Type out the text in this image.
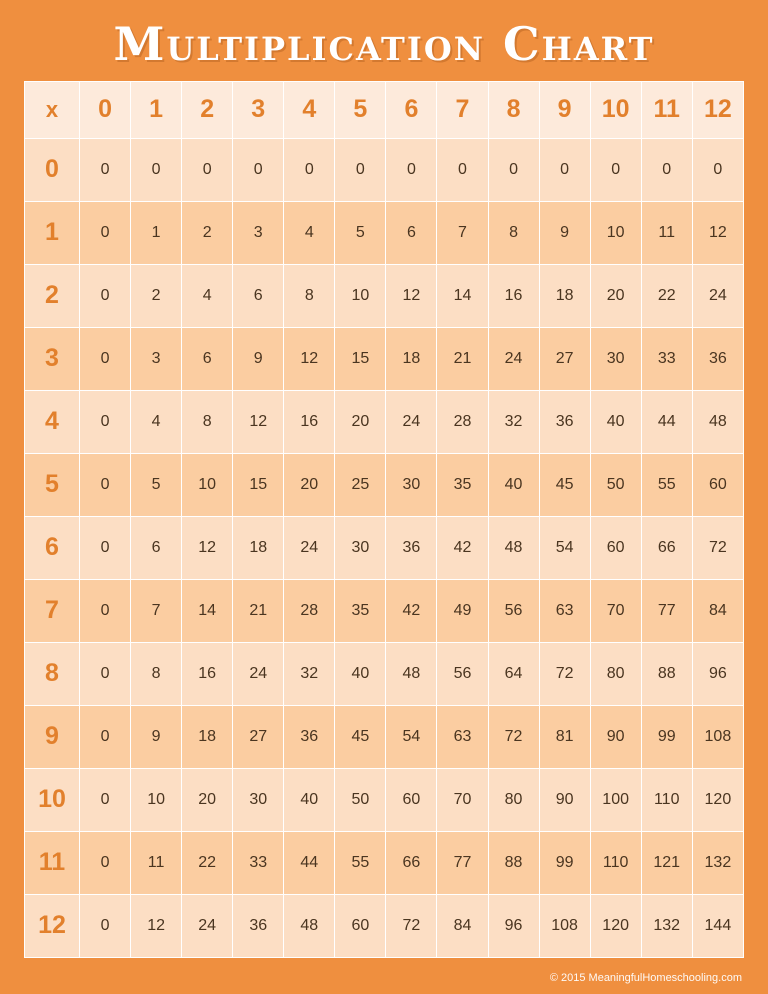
Multiplication Chart
x	0	1	2	3	4	5	6	7	8	9	10	11	12
0	0	0	0	0	0	0	0	0	0	0	0	0	0
1	0	1	2	3	4	5	6	7	8	9	10	11	12
2	0	2	4	6	8	10	12	14	16	18	20	22	24
3	0	3	6	9	12	15	18	21	24	27	30	33	36
4	0	4	8	12	16	20	24	28	32	36	40	44	48
5	0	5	10	15	20	25	30	35	40	45	50	55	60
6	0	6	12	18	24	30	36	42	48	54	60	66	72
7	0	7	14	21	28	35	42	49	56	63	70	77	84
8	0	8	16	24	32	40	48	56	64	72	80	88	96
9	0	9	18	27	36	45	54	63	72	81	90	99	108
10	0	10	20	30	40	50	60	70	80	90	100	110	120
11	0	11	22	33	44	55	66	77	88	99	110	121	132
12	0	12	24	36	48	60	72	84	96	108	120	132	144
© 2015 MeaningfulHomeschooling.com
